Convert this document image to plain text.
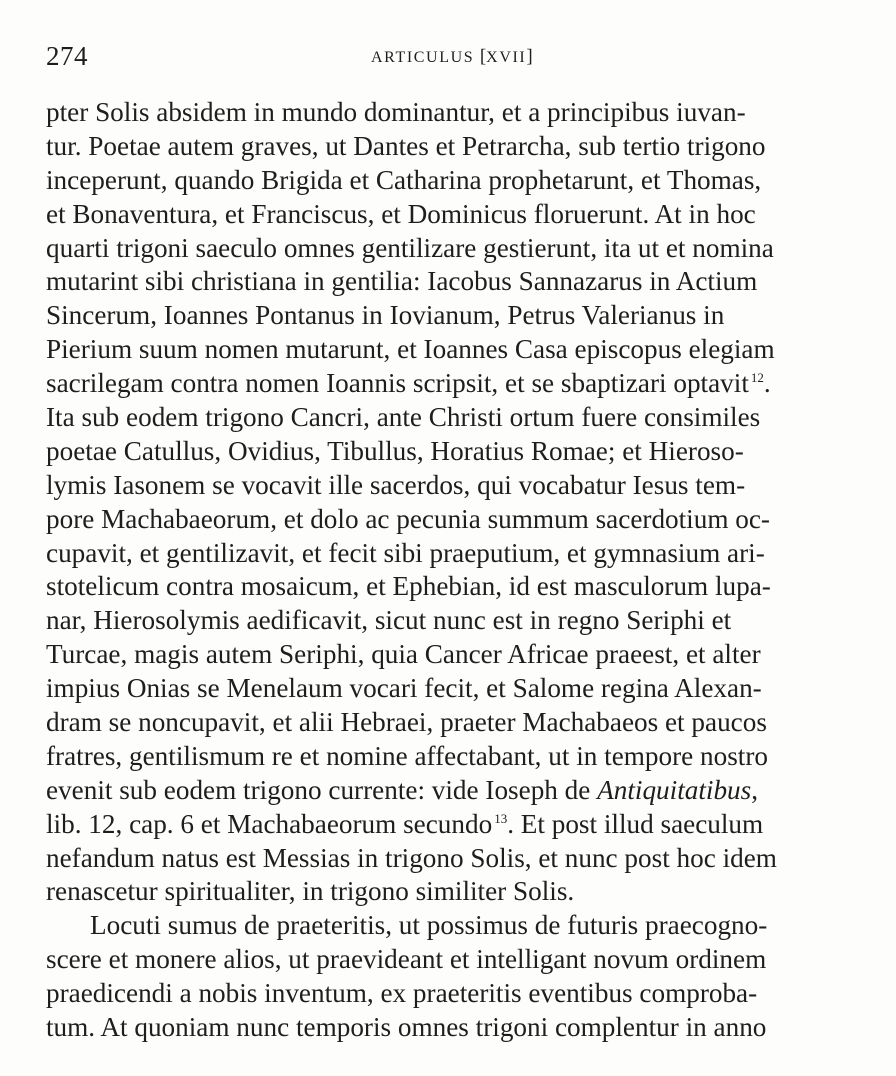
274	ARTICULUS [XVII]
pter Solis absidem in mundo dominantur, et a principibus iuvan-
tur. Poetae autem graves, ut Dantes et Petrarcha, sub tertio trigono
inceperunt, quando Brigida et Catharina prophetarunt, et Thomas,
et Bonaventura, et Franciscus, et Dominicus floruerunt. At in hoc
quarti trigoni saeculo omnes gentilizare gestierunt, ita ut et nomina
mutarint sibi christiana in gentilia: Iacobus Sannazarus in Actium
Sincerum, Ioannes Pontanus in Iovianum, Petrus Valerianus in
Pierium suum nomen mutarunt, et Ioannes Casa episcopus elegiam
sacrilegam contra nomen Ioannis scripsit, et se sbaptizari optavit $^{12}$.
Ita sub eodem trigono Cancri, ante Christi ortum fuere consimiles
poetae Catullus, Ovidius, Tibullus, Horatius Romae; et Hieroso-
lymis Iasonem se vocavit ille sacerdos, qui vocabatur Iesus tem-
pore Machabaeorum, et dolo ac pecunia summum sacerdotium oc-
cupavit, et gentilizavit, et fecit sibi praeputium, et gymnasium ari-
stotelicum contra mosaicum, et Ephebian, id est masculorum lupa-
nar, Hierosolymis aedificavit, sicut nunc est in regno Seriphi et
Turcae, magis autem Seriphi, quia Cancer Africae praeest, et alter
impius Onias se Menelaum vocari fecit, et Salome regina Alexan-
dram se noncupavit, et alii Hebraei, praeter Machabaeos et paucos
fratres, gentilismum re et nomine affectabant, ut in tempore nostro
evenit sub eodem trigono currente: vide Ioseph de Antiquitatibus,
lib. 12, cap. 6 et Machabaeorum secundo $^{13}$. Et post illud saeculum
nefandum natus est Messias in trigono Solis, et nunc post hoc idem
renascetur spiritualiter, in trigono similiter Solis.
Locuti sumus de praeteritis, ut possimus de futuris praecogno-
scere et monere alios, ut praevideant et intelligant novum ordinem
praedicendi a nobis inventum, ex praeteritis eventibus comproba-
tum. At quoniam nunc temporis omnes trigoni complentur in anno
